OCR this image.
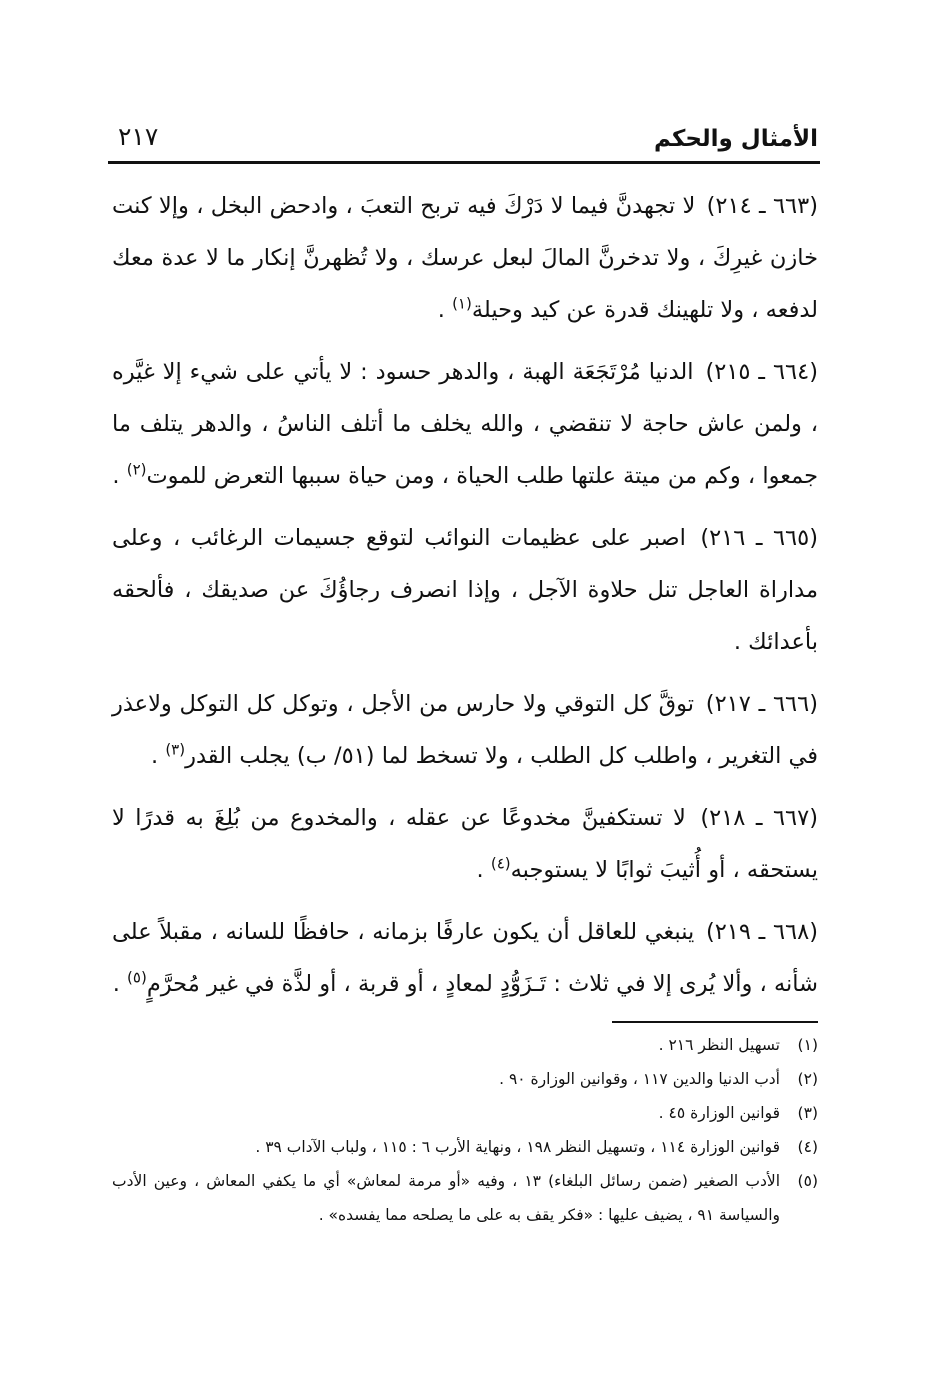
الأمثال والحكم
٢١٧

(٦٦٣ ـ ٢١٤) لا تجهدنَّ فيما لا دَرْكَ فيه تربح التعبَ ، وادحض البخل ، وإلا كنت خازن غيرِكَ ، ولا تدخرنَّ المالَ لبعل عرسك ، ولا تُظهرنَّ إنكار ما لا عدة معك لدفعه ، ولا تلهينك قدرة عن كيد وحيلة$^{(١)}$ .

(٦٦٤ ـ ٢١٥) الدنيا مُرْتَجَعَة الهبة ، والدهر حسود : لا يأتي على شيء إلا غيَّره ، ولمن عاش حاجة لا تنقضي ، والله يخلف ما أتلف الناسُ ، والدهر يتلف ما جمعوا ، وكم من ميتة علتها طلب الحياة ، ومن حياة سببها التعرض للموت$^{(٢)}$ .

(٦٦٥ ـ ٢١٦) اصبر على عظيمات النوائب لتوقع جسيمات الرغائب ، وعلى مداراة العاجل تنل حلاوة الآجل ، وإذا انصرف رجاؤُكَ عن صديقك ، فألحقه بأعدائك .

(٦٦٦ ـ ٢١٧) توقَّ كل التوقي ولا حارس من الأجل ، وتوكل كل التوكل ولاعذر في التغرير ، واطلب كل الطلب ، ولا تسخط لما (٥١/ ب) يجلب القدر$^{(٣)}$ .

(٦٦٧ ـ ٢١٨) لا تستكفينَّ مخدوعًا عن عقله ، والمخدوع من بُلِغَ به قدرًا لا يستحقه ، أو أُثيبَ ثوابًا لا يستوجبه$^{(٤)}$ .

(٦٦٨ ـ ٢١٩) ينبغي للعاقل أن يكون عارفًا بزمانه ، حافظًا للسانه ، مقبلاً على شأنه ، وألا يُرى إلا في ثلاث : تَـزَوُّدٍ لمعادٍ ، أو قربة ، أو لذَّة في غير مُحرَّمٍ$^{(٥)}$ .

(١)
تسهيل النظر ٢١٦ .
(٢)
أدب الدنيا والدين ١١٧ ، وقوانين الوزارة ٩٠ .
(٣)
قوانين الوزارة ٤٥ .
(٤)
قوانين الوزارة ١١٤ ، وتسهيل النظر ١٩٨ ، ونهاية الأرب ٦ : ١١٥ ، ولباب الآداب ٣٩ .
(٥)
الأدب الصغير (ضمن رسائل البلغاء) ١٣ ، وفيه «أو مرمة لمعاش» أي ما يكفي المعاش ، وعين الأدب والسياسة ٩١ ، يضيف عليها : «فكر يقف به على ما يصلحه مما يفسده» .
